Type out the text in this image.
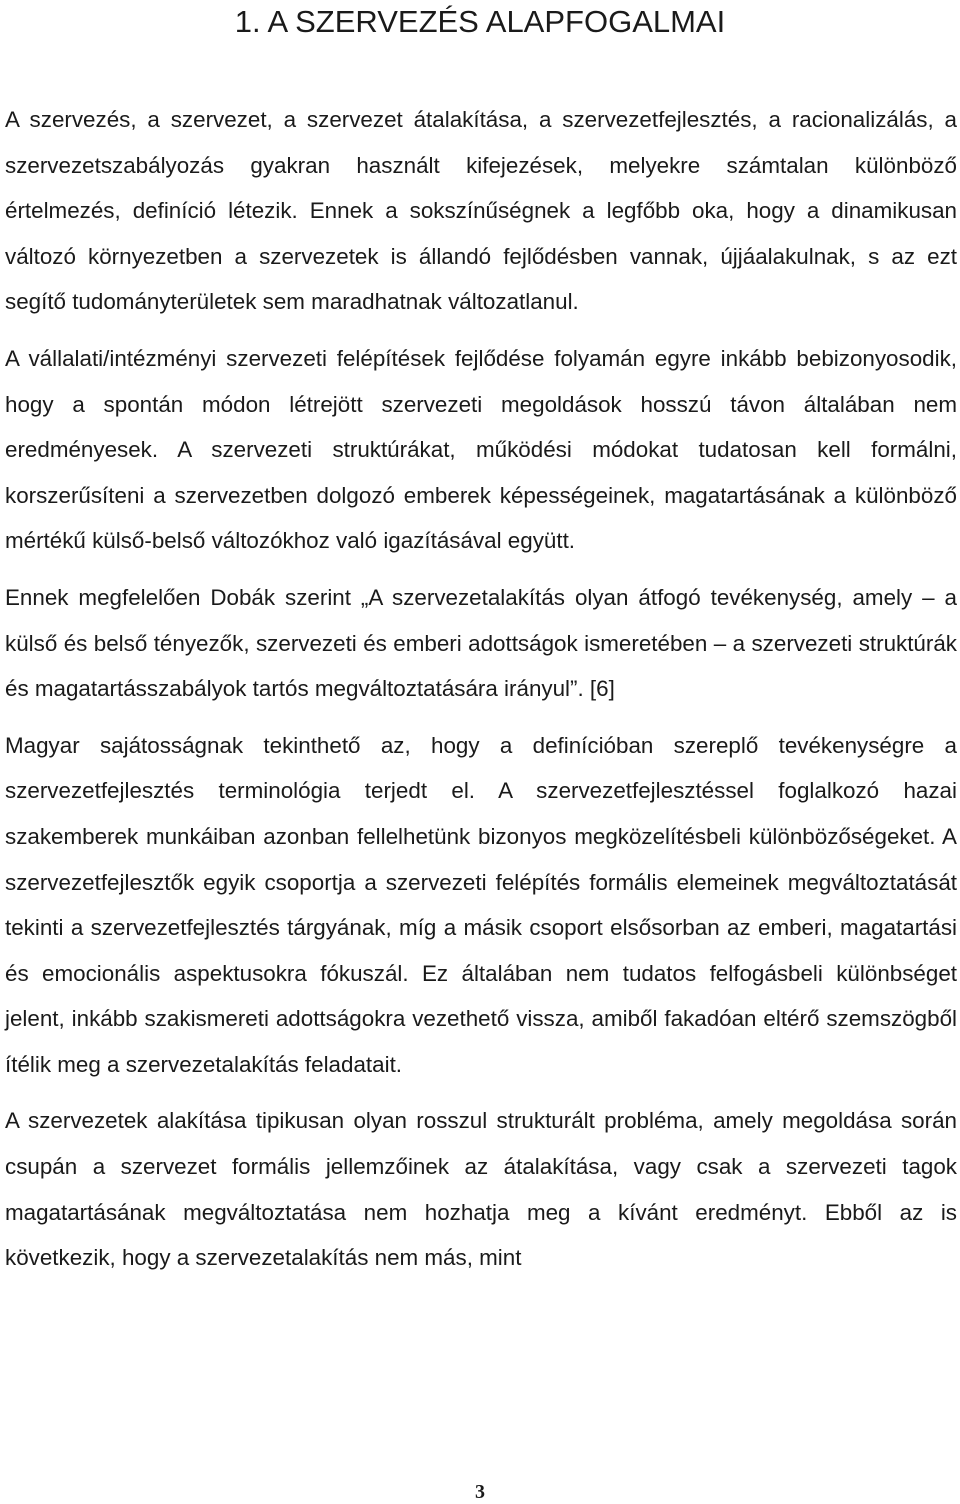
1. A SZERVEZÉS ALAPFOGALMAI

A szervezés, a szervezet, a szervezet átalakítása, a szervezetfejlesztés, a racionalizálás, a szervezetszabályozás gyakran használt kifejezések, melyekre számtalan különböző értelmezés, definíció létezik. Ennek a sokszínűségnek a legfőbb oka, hogy a dinamikusan változó környezetben a szervezetek is állandó fejlődésben vannak, újjáalakulnak, s az ezt segítő tudományterületek sem maradhatnak változatlanul.

A vállalati/intézményi szervezeti felépítések fejlődése folyamán egyre inkább bebizonyosodik, hogy a spontán módon létrejött szervezeti megoldások hosszú távon általában nem eredményesek. A szervezeti struktúrákat, működési módokat tudatosan kell formálni, korszerűsíteni a szervezetben dolgozó emberek képességeinek, magatartásának a különböző mértékű külső-belső változókhoz való igazításával együtt.

Ennek megfelelően Dobák szerint „A szervezetalakítás olyan átfogó tevékenység, amely – a külső és belső tényezők, szervezeti és emberi adottságok ismeretében – a szervezeti struktúrák és magatartásszabályok tartós megváltoztatására irányul”. [6]

Magyar sajátosságnak tekinthető az, hogy a definícióban szereplő tevékenységre a szervezetfejlesztés terminológia terjedt el. A szervezetfejlesztéssel foglalkozó hazai szakemberek munkáiban azonban fellelhetünk bizonyos megközelítésbeli különbözőségeket. A szervezetfejlesztők egyik csoportja a szervezeti felépítés formális elemeinek megváltoztatását tekinti a szervezetfejlesztés tárgyának, míg a másik csoport elsősorban az emberi, magatartási és emocionális aspektusokra fókuszál. Ez általában nem tudatos felfogásbeli különbséget jelent, inkább szakismereti adottságokra vezethető vissza, amiből fakadóan eltérő szemszögből ítélik meg a szervezetalakítás feladatait.

A szervezetek alakítása tipikusan olyan rosszul strukturált probléma, amely megoldása során csupán a szervezet formális jellemzőinek az átalakítása, vagy csak a szervezeti tagok magatartásának megváltoztatása nem hozhatja meg a kívánt eredményt. Ebből az is következik, hogy a szervezetalakítás nem más, mint

3
